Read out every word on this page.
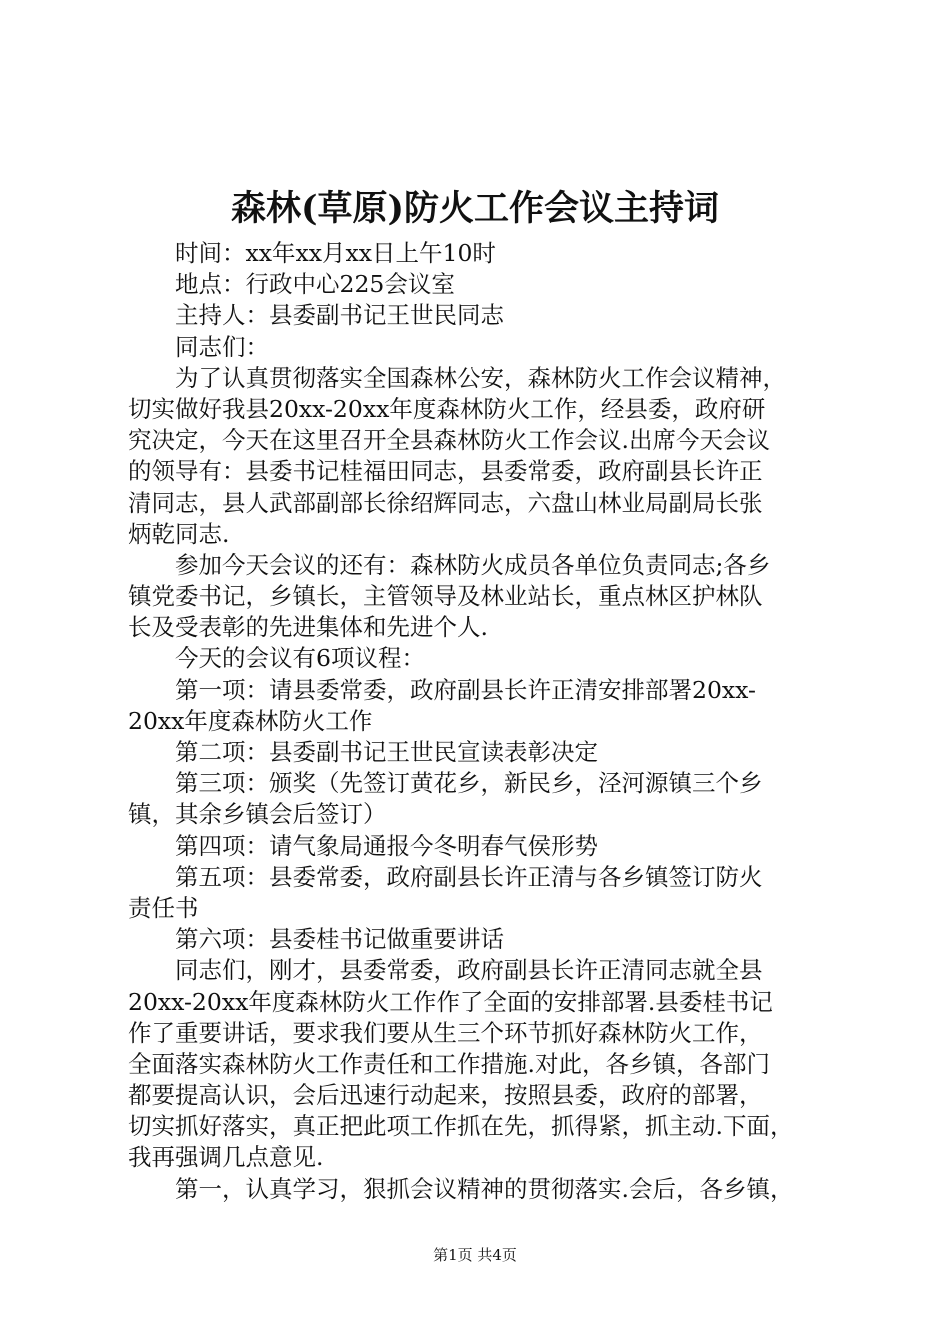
森林(草原)防火工作会议主持词
　　时间：xx年xx月xx日上午10时
　　地点：行政中心225会议室
　　主持人：县委副书记王世民同志
　　同志们：
　　为了认真贯彻落实全国森林公安，森林防火工作会议精神，
切实做好我县20xx-20xx年度森林防火工作，经县委，政府研
究决定，今天在这里召开全县森林防火工作会议.出席今天会议
的领导有：县委书记桂福田同志，县委常委，政府副县长许正
清同志，县人武部副部长徐绍辉同志，六盘山林业局副局长张
炳乾同志.
　　参加今天会议的还有：森林防火成员各单位负责同志;各乡
镇党委书记，乡镇长，主管领导及林业站长，重点林区护林队
长及受表彰的先进集体和先进个人.
　　今天的会议有6项议程：
　　第一项：请县委常委，政府副县长许正清安排部署20xx-
20xx年度森林防火工作
　　第二项：县委副书记王世民宣读表彰决定
　　第三项：颁奖（先签订黄花乡，新民乡，泾河源镇三个乡
镇，其余乡镇会后签订）
　　第四项：请气象局通报今冬明春气侯形势
　　第五项：县委常委，政府副县长许正清与各乡镇签订防火
责任书
　　第六项：县委桂书记做重要讲话
　　同志们，刚才，县委常委，政府副县长许正清同志就全县
20xx-20xx年度森林防火工作作了全面的安排部署.县委桂书记
作了重要讲话，要求我们要从生三个环节抓好森林防火工作，
全面落实森林防火工作责任和工作措施.对此，各乡镇，各部门
都要提高认识，会后迅速行动起来，按照县委，政府的部署，
切实抓好落实，真正把此项工作抓在先，抓得紧，抓主动.下面，
我再强调几点意见.
　　第一，认真学习，狠抓会议精神的贯彻落实.会后，各乡镇，
第1页 共4页
